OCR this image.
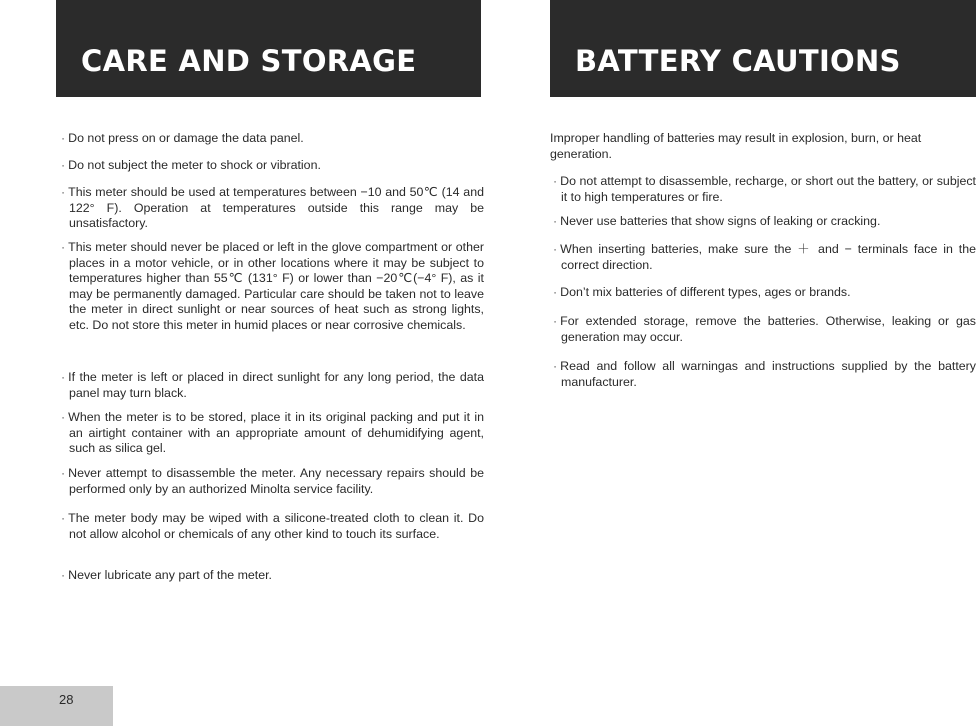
CARE AND STORAGE	BATTERY CAUTIONS
· Do not press on or damage the data panel.
· Do not subject the meter to shock or vibration.
· This meter should be used at temperatures between −10 and 50℃ (14 and 122° F). Operation at temperatures outside this range may be unsatisfactory.
· This meter should never be placed or left in the glove compartment or other places in a motor vehicle, or in other locations where it may be subject to temperatures higher than 55℃ (131° F) or lower than −20℃(−4° F), as it may be permanently damaged. Particular care should be taken not to leave the meter in direct sunlight or near sources of heat such as strong lights, etc. Do not store this meter in humid places or near corrosive chemicals.
· If the meter is left or placed in direct sunlight for any long period, the data panel may turn black.
· When the meter is to be stored, place it in its original packing and put it in an airtight container with an appropriate amount of dehumidifying agent, such as silica gel.
· Never attempt to disassemble the meter. Any necessary repairs should be performed only by an authorized Minolta service facility.
· The meter body may be wiped with a silicone-treated cloth to clean it. Do not allow alcohol or chemicals of any other kind to touch its surface.
· Never lubricate any part of the meter.
Improper handling of batteries may result in explosion, burn, or heat generation.
· Do not attempt to disassemble, recharge, or short out the battery, or subject it to high temperatures or fire.
· Never use batteries that show signs of leaking or cracking.
· When inserting batteries, make sure the ＋ and − terminals face in the correct direction.
· Don’t mix batteries of different types, ages or brands.
· For extended storage, remove the batteries. Otherwise, leaking or gas generation may occur.
· Read and follow all warningas and instructions supplied by the battery manufacturer.
28
